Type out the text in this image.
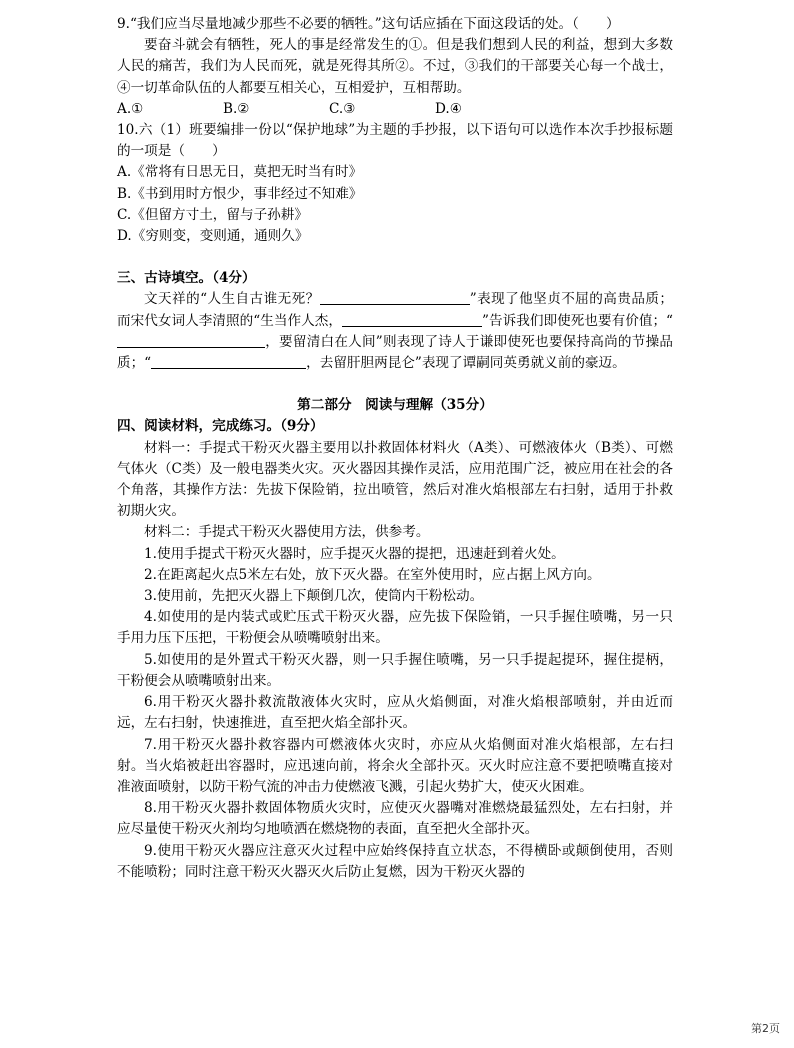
9.“我们应当尽量地减少那些不必要的牺牲。”这句话应插在下面这段话的处。（　　）

要奋斗就会有牺牲，死人的事是经常发生的①。但是我们想到人民的利益，想到大多数人民的痛苦，我们为人民而死，就是死得其所②。不过，③我们的干部要关心每一个战士，④一切革命队伍的人都要互相关心，互相爱护，互相帮助。

A.①	B.②	C.③	D.④

10.六（1）班要编排一份以“保护地球”为主题的手抄报，以下语句可以选作本次手抄报标题的一项是（　　）

A.《常将有日思无日，莫把无时当有时》

B.《书到用时方恨少，事非经过不知难》

C.《但留方寸土，留与子孙耕》

D.《穷则变，变则通，通则久》

三、古诗填空。（4分）

文天祥的“人生自古谁无死？	”表现了他坚贞不屈的高贵品质；而宋代女词人李清照的“生当作人杰，	”告诉我们即使死也要有价值；“，要留清白在人间”则表现了诗人于谦即使死也要保持高尚的节操品质；“	，去留肝胆两昆仑”表现了谭嗣同英勇就义前的豪迈。

第二部分　阅读与理解（35分）

四、阅读材料，完成练习。（9分）

材料一：手提式干粉灭火器主要用以扑救固体材料火（A类）、可燃液体火（B类）、可燃气体火（C类）及一般电器类火灾。灭火器因其操作灵活，应用范围广泛，被应用在社会的各个角落，其操作方法：先拔下保险销，拉出喷管，然后对准火焰根部左右扫射，适用于扑救初期火灾。

材料二：手提式干粉灭火器使用方法，供参考。

1.使用手提式干粉灭火器时，应手提灭火器的提把，迅速赶到着火处。

2.在距离起火点5米左右处，放下灭火器。在室外使用时，应占据上风方向。

3.使用前，先把灭火器上下颠倒几次，使筒内干粉松动。

4.如使用的是内装式或贮压式干粉灭火器，应先拔下保险销，一只手握住喷嘴，另一只手用力压下压把，干粉便会从喷嘴喷射出来。

5.如使用的是外置式干粉灭火器，则一只手握住喷嘴，另一只手提起提环，握住提柄，干粉便会从喷嘴喷射出来。

6.用干粉灭火器扑救流散液体火灾时，应从火焰侧面，对准火焰根部喷射，并由近而远，左右扫射，快速推进，直至把火焰全部扑灭。

7.用干粉灭火器扑救容器内可燃液体火灾时，亦应从火焰侧面对准火焰根部，左右扫射。当火焰被赶出容器时，应迅速向前，将余火全部扑灭。灭火时应注意不要把喷嘴直接对准液面喷射，以防干粉气流的冲击力使燃液飞溅，引起火势扩大，使灭火困难。

8.用干粉灭火器扑救固体物质火灾时，应使灭火器嘴对准燃烧最猛烈处，左右扫射，并应尽量使干粉灭火剂均匀地喷洒在燃烧物的表面，直至把火全部扑灭。

9.使用干粉灭火器应注意灭火过程中应始终保持直立状态，不得横卧或颠倒使用，否则不能喷粉；同时注意干粉灭火器灭火后防止复燃，因为干粉灭火器的

第2页
